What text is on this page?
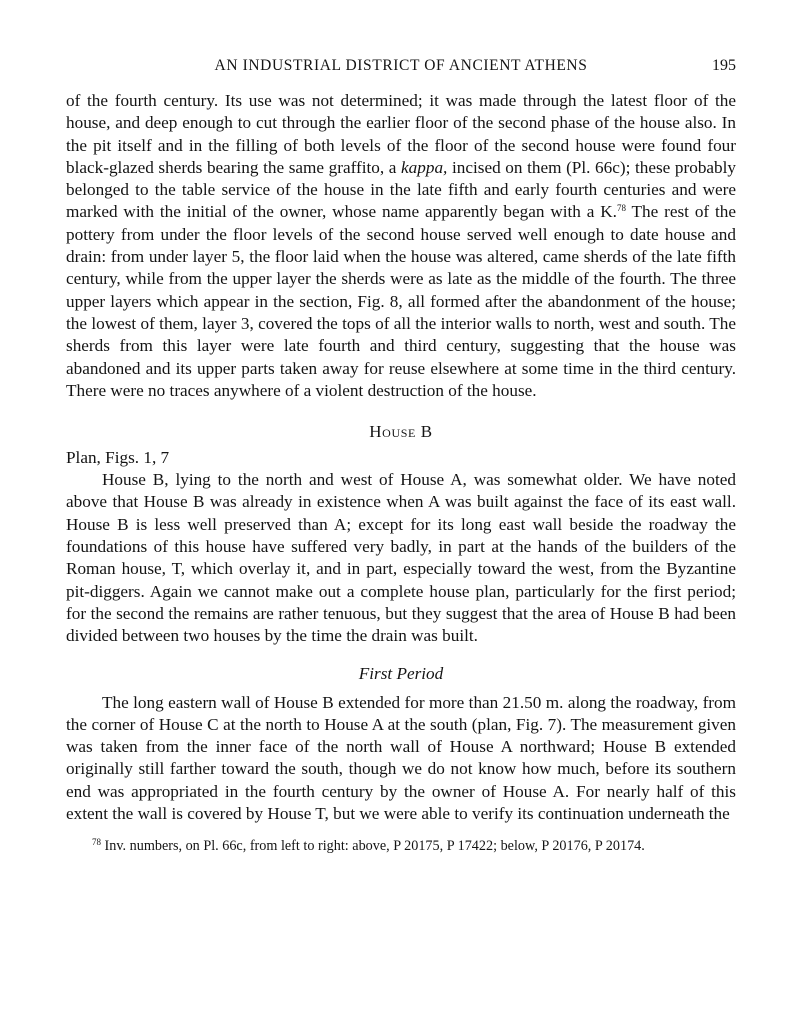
AN INDUSTRIAL DISTRICT OF ANCIENT ATHENS	195

of the fourth century. Its use was not determined; it was made through the latest floor of the house, and deep enough to cut through the earlier floor of the second phase of the house also. In the pit itself and in the filling of both levels of the floor of the second house were found four black-glazed sherds bearing the same graffito, a kappa, incised on them (Pl. 66c); these probably belonged to the table service of the house in the late fifth and early fourth centuries and were marked with the initial of the owner, whose name apparently began with a K.$^{78}$ The rest of the pottery from under the floor levels of the second house served well enough to date house and drain: from under layer 5, the floor laid when the house was altered, came sherds of the late fifth century, while from the upper layer the sherds were as late as the middle of the fourth. The three upper layers which appear in the section, Fig. 8, all formed after the abandonment of the house; the lowest of them, layer 3, covered the tops of all the interior walls to north, west and south. The sherds from this layer were late fourth and third century, suggesting that the house was abandoned and its upper parts taken away for reuse elsewhere at some time in the third century. There were no traces anywhere of a violent destruction of the house.

House B
Plan, Figs. 1, 7

House B, lying to the north and west of House A, was somewhat older. We have noted above that House B was already in existence when A was built against the face of its east wall. House B is less well preserved than A; except for its long east wall beside the roadway the foundations of this house have suffered very badly, in part at the hands of the builders of the Roman house, T, which overlay it, and in part, especially toward the west, from the Byzantine pit-diggers. Again we cannot make out a complete house plan, particularly for the first period; for the second the remains are rather tenuous, but they suggest that the area of House B had been divided between two houses by the time the drain was built.

First Period

The long eastern wall of House B extended for more than 21.50 m. along the roadway, from the corner of House C at the north to House A at the south (plan, Fig. 7). The measurement given was taken from the inner face of the north wall of House A northward; House B extended originally still farther toward the south, though we do not know how much, before its southern end was appropriated in the fourth century by the owner of House A. For nearly half of this extent the wall is covered by House T, but we were able to verify its continuation underneath the

$^{78}$ Inv. numbers, on Pl. 66c, from left to right: above, P 20175, P 17422; below, P 20176, P 20174.
